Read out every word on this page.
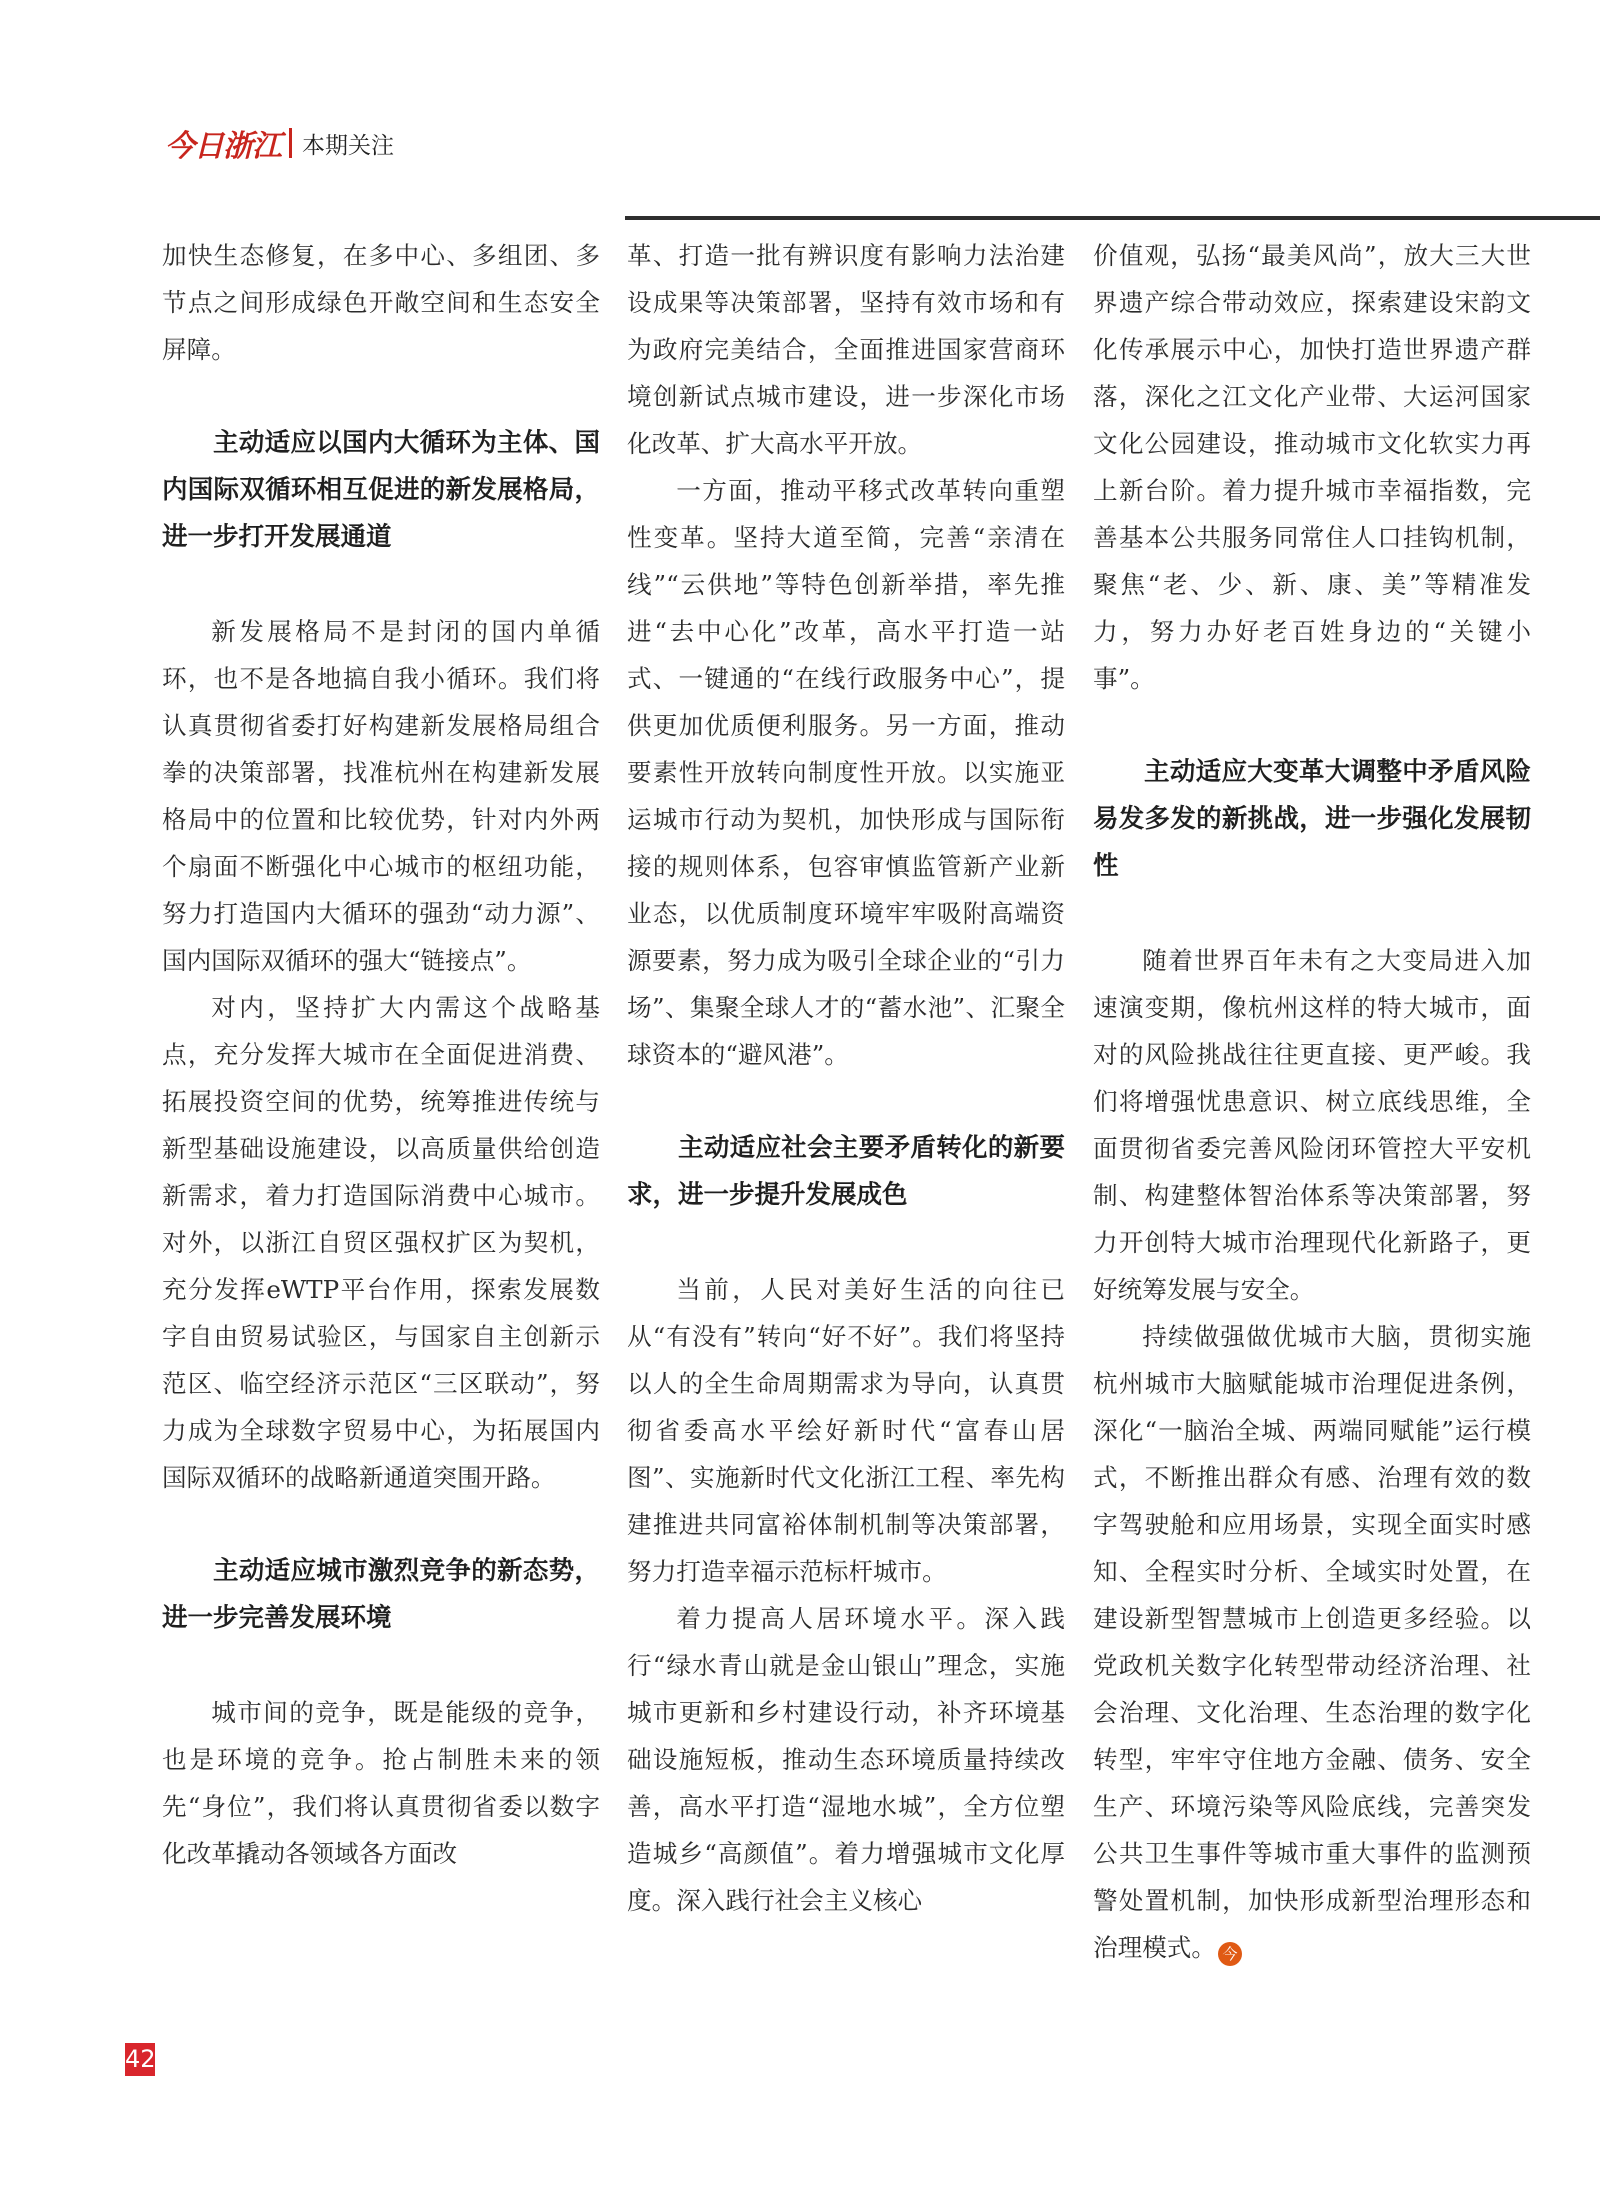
今日浙江 本期关注

加快生态修复，在多中心、多组团、多节点之间形成绿色开敞空间和生态安全屏障。

主动适应以国内大循环为主体、国内国际双循环相互促进的新发展格局，进一步打开发展通道

新发展格局不是封闭的国内单循环，也不是各地搞自我小循环。我们将认真贯彻省委打好构建新发展格局组合拳的决策部署，找准杭州在构建新发展格局中的位置和比较优势，针对内外两个扇面不断强化中心城市的枢纽功能，努力打造国内大循环的强劲“动力源”、国内国际双循环的强大“链接点”。

对内，坚持扩大内需这个战略基点，充分发挥大城市在全面促进消费、拓展投资空间的优势，统筹推进传统与新型基础设施建设，以高质量供给创造新需求，着力打造国际消费中心城市。对外，以浙江自贸区强权扩区为契机，充分发挥eWTP平台作用，探索发展数字自由贸易试验区，与国家自主创新示范区、临空经济示范区“三区联动”，努力成为全球数字贸易中心，为拓展国内国际双循环的战略新通道突围开路。

主动适应城市激烈竞争的新态势，进一步完善发展环境

城市间的竞争，既是能级的竞争，也是环境的竞争。抢占制胜未来的领先“身位”，我们将认真贯彻省委以数字化改革撬动各领域各方面改

革、打造一批有辨识度有影响力法治建设成果等决策部署，坚持有效市场和有为政府完美结合，全面推进国家营商环境创新试点城市建设，进一步深化市场化改革、扩大高水平开放。

一方面，推动平移式改革转向重塑性变革。坚持大道至简，完善“亲清在线”“云供地”等特色创新举措，率先推进“去中心化”改革，高水平打造一站式、一键通的“在线行政服务中心”，提供更加优质便利服务。另一方面，推动要素性开放转向制度性开放。以实施亚运城市行动为契机，加快形成与国际衔接的规则体系，包容审慎监管新产业新业态，以优质制度环境牢牢吸附高端资源要素，努力成为吸引全球企业的“引力场”、集聚全球人才的“蓄水池”、汇聚全球资本的“避风港”。

主动适应社会主要矛盾转化的新要求，进一步提升发展成色

当前，人民对美好生活的向往已从“有没有”转向“好不好”。我们将坚持以人的全生命周期需求为导向，认真贯彻省委高水平绘好新时代“富春山居图”、实施新时代文化浙江工程、率先构建推进共同富裕体制机制等决策部署，努力打造幸福示范标杆城市。

着力提高人居环境水平。深入践行“绿水青山就是金山银山”理念，实施城市更新和乡村建设行动，补齐环境基础设施短板，推动生态环境质量持续改善，高水平打造“湿地水城”，全方位塑造城乡“高颜值”。着力增强城市文化厚度。深入践行社会主义核心

价值观，弘扬“最美风尚”，放大三大世界遗产综合带动效应，探索建设宋韵文化传承展示中心，加快打造世界遗产群落，深化之江文化产业带、大运河国家文化公园建设，推动城市文化软实力再上新台阶。着力提升城市幸福指数，完善基本公共服务同常住人口挂钩机制，聚焦“老、少、新、康、美”等精准发力，努力办好老百姓身边的“关键小事”。

主动适应大变革大调整中矛盾风险易发多发的新挑战，进一步强化发展韧性

随着世界百年未有之大变局进入加速演变期，像杭州这样的特大城市，面对的风险挑战往往更直接、更严峻。我们将增强忧患意识、树立底线思维，全面贯彻省委完善风险闭环管控大平安机制、构建整体智治体系等决策部署，努力开创特大城市治理现代化新路子，更好统筹发展与安全。

持续做强做优城市大脑，贯彻实施杭州城市大脑赋能城市治理促进条例，深化“一脑治全城、两端同赋能”运行模式，不断推出群众有感、治理有效的数字驾驶舱和应用场景，实现全面实时感知、全程实时分析、全域实时处置，在建设新型智慧城市上创造更多经验。以党政机关数字化转型带动经济治理、社会治理、文化治理、生态治理的数字化转型，牢牢守住地方金融、债务、安全生产、环境污染等风险底线，完善突发公共卫生事件等城市重大事件的监测预警处置机制，加快形成新型治理形态和治理模式。 今

42
